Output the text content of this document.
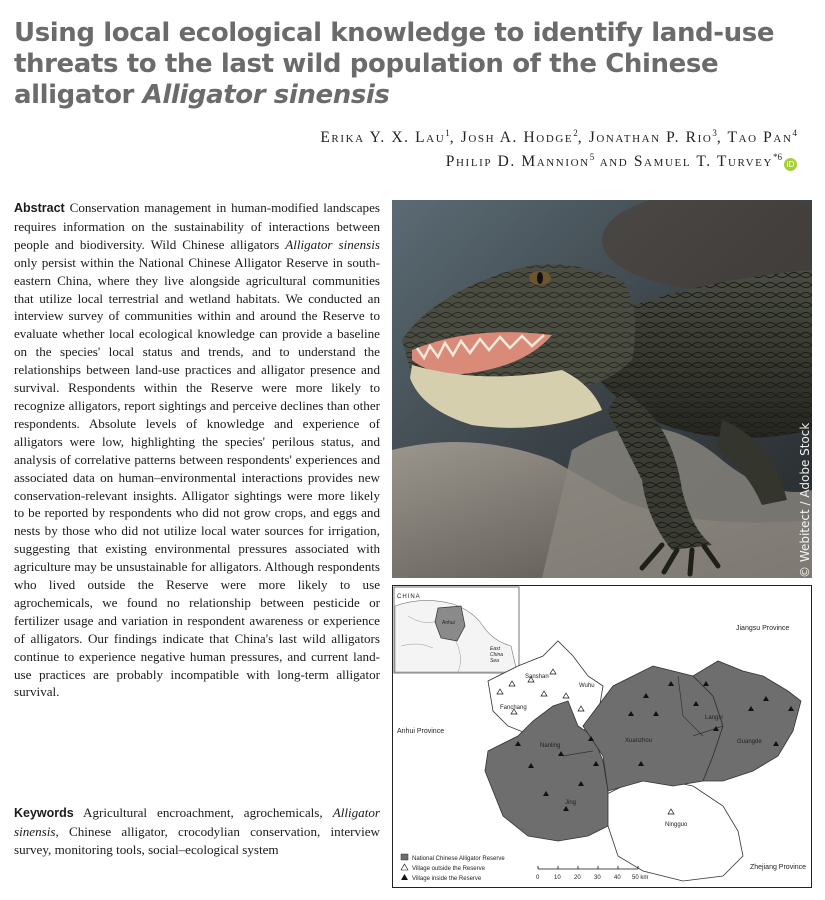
Using local ecological knowledge to identify land-use threats to the last wild population of the Chinese alligator Alligator sinensis
Erika Y. X. Lau$^1$, Josh A. Hodge$^2$, Jonathan P. Rio$^3$, Tao Pan$^4$
Philip D. Mannion$^5$ and Samuel T. Turvey$^{*6}$iD

Abstract Conservation management in human-modified landscapes requires information on the sustainability of interactions between people and biodiversity. Wild Chinese alligators Alligator sinensis only persist within the National Chinese Alligator Reserve in south-eastern China, where they live alongside agricultural communities that utilize local terrestrial and wetland habitats. We conducted an interview survey of communities within and around the Reserve to evaluate whether local ecological knowledge can provide a baseline on the species' local status and trends, and to understand the relationships between land-use practices and alligator presence and survival. Respondents within the Reserve were more likely to recognize alligators, report sightings and perceive declines than other respondents. Absolute levels of knowledge and experience of alligators were low, highlighting the species' perilous status, and analysis of correlative patterns between respondents' experiences and associated data on human–environmental interactions provides new conservation-relevant insights. Alligator sightings were more likely to be reported by respondents who did not grow crops, and eggs and nests by those who did not utilize local water sources for irrigation, suggesting that existing environmental pressures associated with agriculture may be unsustainable for alligators. Although respondents who lived outside the Reserve were more likely to use agrochemicals, we found no relationship between pesticide or fertilizer usage and variation in respondent awareness or experience of alligators. Our findings indicate that China's last wild alligators continue to experience negative human pressures, and current land-use practices are probably incompatible with long-term alligator survival.

Keywords Agricultural encroachment, agrochemicals, Alligator sinensis, Chinese alligator, crocodylian conservation, interview survey, monitoring tools, social–ecological system

© Webitect / Adobe Stock
CHINA
Anhui
East
China
Sea
Jiangsu Province
Anhui Province
Zhejiang Province
Sanshan
Wuhu
Fanchang
Nanling
Xuanzhou
Langxi
Guangde
Jing
Ningguo
National Chinese Alligator Reserve
Village outside the Reserve
Village inside the Reserve	0 10 20 30 40 50 km
